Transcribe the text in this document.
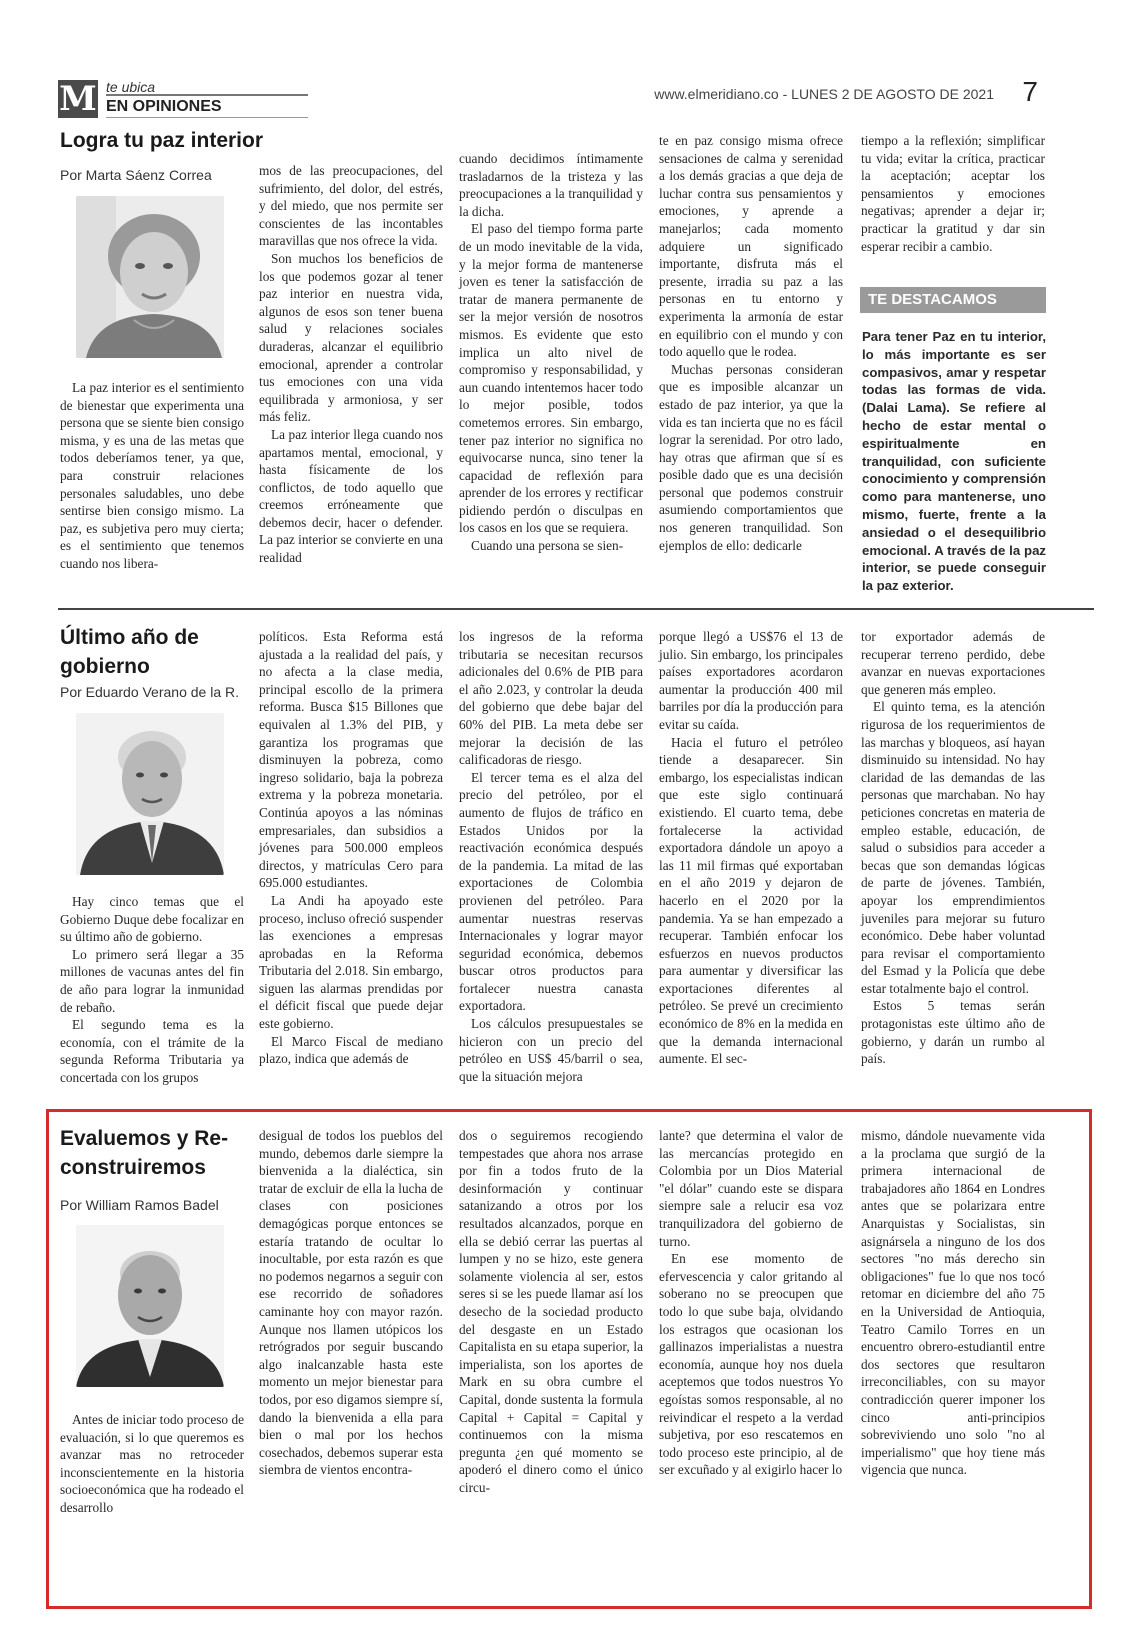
M te ubica
EN OPINIONES
www.elmeridiano.co - LUNES 2 DE AGOSTO DE 2021 7
Logra tu paz interior
Por Marta Sáenz Correa

La paz interior es el sentimiento de bienestar que experimenta una persona que se siente bien consigo misma, y es una de las metas que todos deberíamos tener, ya que, para construir relaciones personales saludables, uno debe sentirse bien consigo mismo. La paz, es subjetiva pero muy cierta; es el sentimiento que tenemos cuando nos libera-

mos de las preocupaciones, del sufrimiento, del dolor, del estrés, y del miedo, que nos permite ser conscientes de las incontables maravillas que nos ofrece la vida.

Son muchos los beneficios de los que podemos gozar al tener paz interior en nuestra vida, algunos de esos son tener buena salud y relaciones sociales duraderas, alcanzar el equilibrio emocional, aprender a controlar tus emociones con una vida equilibrada y armoniosa, y ser más feliz.

La paz interior llega cuando nos apartamos mental, emocional, y hasta físicamente de los conflictos, de todo aquello que creemos erróneamente que debemos decir, hacer o defender. La paz interior se convierte en una realidad

cuando decidimos íntimamente trasladarnos de la tristeza y las preocupaciones a la tranquilidad y la dicha.

El paso del tiempo forma parte de un modo inevitable de la vida, y la mejor forma de mantenerse joven es tener la satisfacción de tratar de manera permanente de ser la mejor versión de nosotros mismos. Es evidente que esto implica un alto nivel de compromiso y responsabilidad, y aun cuando intentemos hacer todo lo mejor posible, todos cometemos errores. Sin embargo, tener paz interior no significa no equivocarse nunca, sino tener la capacidad de reflexión para aprender de los errores y rectificar pidiendo perdón o disculpas en los casos en los que se requiera.

Cuando una persona se sien-

te en paz consigo misma ofrece sensaciones de calma y serenidad a los demás gracias a que deja de luchar contra sus pensamientos y emociones, y aprende a manejarlos; cada momento adquiere un significado importante, disfruta más el presente, irradia su paz a las personas en tu entorno y experimenta la armonía de estar en equilibrio con el mundo y con todo aquello que le rodea.

Muchas personas consideran que es imposible alcanzar un estado de paz interior, ya que la vida es tan incierta que no es fácil lograr la serenidad. Por otro lado, hay otras que afirman que sí es posible dado que es una decisión personal que podemos construir asumiendo comportamientos que nos generen tranquilidad. Son ejemplos de ello: dedicarle

tiempo a la reflexión; simplificar tu vida; evitar la crítica, practicar la aceptación; aceptar los pensamientos y emociones negativas; aprender a dejar ir; practicar la gratitud y dar sin esperar recibir a cambio.

TE DESTACAMOS
Para tener Paz en tu interior, lo más importante es ser compasivos, amar y respetar todas las formas de vida. (Dalai Lama). Se refiere al hecho de estar mental o espiritualmente en tranquilidad, con suficiente conocimiento y comprensión como para mantenerse, uno mismo, fuerte, frente a la ansiedad o el desequilibrio emocional. A través de la paz interior, se puede conseguir la paz exterior.
Último año de gobierno
Por Eduardo Verano de la R.

Hay cinco temas que el Gobierno Duque debe focalizar en su último año de gobierno.

Lo primero será llegar a 35 millones de vacunas antes del fin de año para lograr la inmunidad de rebaño.

El segundo tema es la economía, con el trámite de la segunda Reforma Tributaria ya concertada con los grupos

políticos. Esta Reforma está ajustada a la realidad del país, y no afecta a la clase media, principal escollo de la primera reforma. Busca $15 Billones que equivalen al 1.3% del PIB, y garantiza los programas que disminuyen la pobreza, como ingreso solidario, baja la pobreza extrema y la pobreza monetaria. Continúa apoyos a las nóminas empresariales, dan subsidios a jóvenes para 500.000 empleos directos, y matrículas Cero para 695.000 estudiantes.

La Andi ha apoyado este proceso, incluso ofreció suspender las exenciones a empresas aprobadas en la Reforma Tributaria del 2.018. Sin embargo, siguen las alarmas prendidas por el déficit fiscal que puede dejar este gobierno.

El Marco Fiscal de mediano plazo, indica que además de

los ingresos de la reforma tributaria se necesitan recursos adicionales del 0.6% de PIB para el año 2.023, y controlar la deuda del gobierno que debe bajar del 60% del PIB. La meta debe ser mejorar la decisión de las calificadoras de riesgo.

El tercer tema es el alza del precio del petróleo, por el aumento de flujos de tráfico en Estados Unidos por la reactivación económica después de la pandemia. La mitad de las exportaciones de Colombia provienen del petróleo. Para aumentar nuestras reservas Internacionales y lograr mayor seguridad económica, debemos buscar otros productos para fortalecer nuestra canasta exportadora.

Los cálculos presupuestales se hicieron con un precio del petróleo en US$ 45/barril o sea, que la situación mejora

porque llegó a US$76 el 13 de julio. Sin embargo, los principales países exportadores acordaron aumentar la producción 400 mil barriles por día la producción para evitar su caída.

Hacia el futuro el petróleo tiende a desaparecer. Sin embargo, los especialistas indican que este siglo continuará existiendo. El cuarto tema, debe fortalecerse la actividad exportadora dándole un apoyo a las 11 mil firmas qué exportaban en el año 2019 y dejaron de hacerlo en el 2020 por la pandemia. Ya se han empezado a recuperar. También enfocar los esfuerzos en nuevos productos para aumentar y diversificar las exportaciones diferentes al petróleo. Se prevé un crecimiento económico de 8% en la medida en que la demanda internacional aumente. El sec-

tor exportador además de recuperar terreno perdido, debe avanzar en nuevas exportaciones que generen más empleo.

El quinto tema, es la atención rigurosa de los requerimientos de las marchas y bloqueos, así hayan disminuido su intensidad. No hay claridad de las demandas de las personas que marchaban. No hay peticiones concretas en materia de empleo estable, educación, de salud o subsidios para acceder a becas que son demandas lógicas de parte de jóvenes. También, apoyar los emprendimientos juveniles para mejorar su futuro económico. Debe haber voluntad para revisar el comportamiento del Esmad y la Policía que debe estar totalmente bajo el control.

Estos 5 temas serán protagonistas este último año de gobierno, y darán un rumbo al país.

Evaluemos y Re-
construiremos
Por William Ramos Badel

Antes de iniciar todo proceso de evaluación, si lo que queremos es avanzar mas no retroceder inconscientemente en la historia socioeconómica que ha rodeado el desarrollo

desigual de todos los pueblos del mundo, debemos darle siempre la bienvenida a la dialéctica, sin tratar de excluir de ella la lucha de clases con posiciones demagógicas porque entonces se estaría tratando de ocultar lo inocultable, por esta razón es que no podemos negarnos a seguir con ese recorrido de soñadores caminante hoy con mayor razón. Aunque nos llamen utópicos los retrógrados por seguir buscando algo inalcanzable hasta este momento un mejor bienestar para todos, por eso digamos siempre sí, dando la bienvenida a ella para bien o mal por los hechos cosechados, debemos superar esta siembra de vientos encontra-

dos o seguiremos recogiendo tempestades que ahora nos arrase por fin a todos fruto de la desinformación y continuar satanizando a otros por los resultados alcanzados, porque en ella se debió cerrar las puertas al lumpen y no se hizo, este genera solamente violencia al ser, estos seres si se les puede llamar así los desecho de la sociedad producto del desgaste en un Estado Capitalista en su etapa superior, la imperialista, son los aportes de Mark en su obra cumbre el Capital, donde sustenta la formula Capital + Capital = Capital y continuemos con la misma pregunta ¿en qué momento se apoderó el dinero como el único circu-

lante? que determina el valor de las mercancías protegido en Colombia por un Dios Material "el dólar" cuando este se dispara siempre sale a relucir esa voz tranquilizadora del gobierno de turno.

En ese momento de efervescencia y calor gritando al soberano no se preocupen que todo lo que sube baja, olvidando los estragos que ocasionan los gallinazos imperialistas a nuestra economía, aunque hoy nos duela aceptemos que todos nuestros Yo egoístas somos responsable, al no reivindicar el respeto a la verdad subjetiva, por eso rescatemos en todo proceso este principio, al de ser excuñado y al exigirlo hacer lo

mismo, dándole nuevamente vida a la proclama que surgió de la primera internacional de trabajadores año 1864 en Londres antes que se polarizara entre Anarquistas y Socialistas, sin asignársela a ninguno de los dos sectores "no más derecho sin obligaciones" fue lo que nos tocó retomar en diciembre del año 75 en la Universidad de Antioquia, Teatro Camilo Torres en un encuentro obrero-estudiantil entre dos sectores que resultaron irreconciliables, con su mayor contradicción querer imponer los cinco anti-principios sobreviviendo uno solo "no al imperialismo" que hoy tiene más vigencia que nunca.
